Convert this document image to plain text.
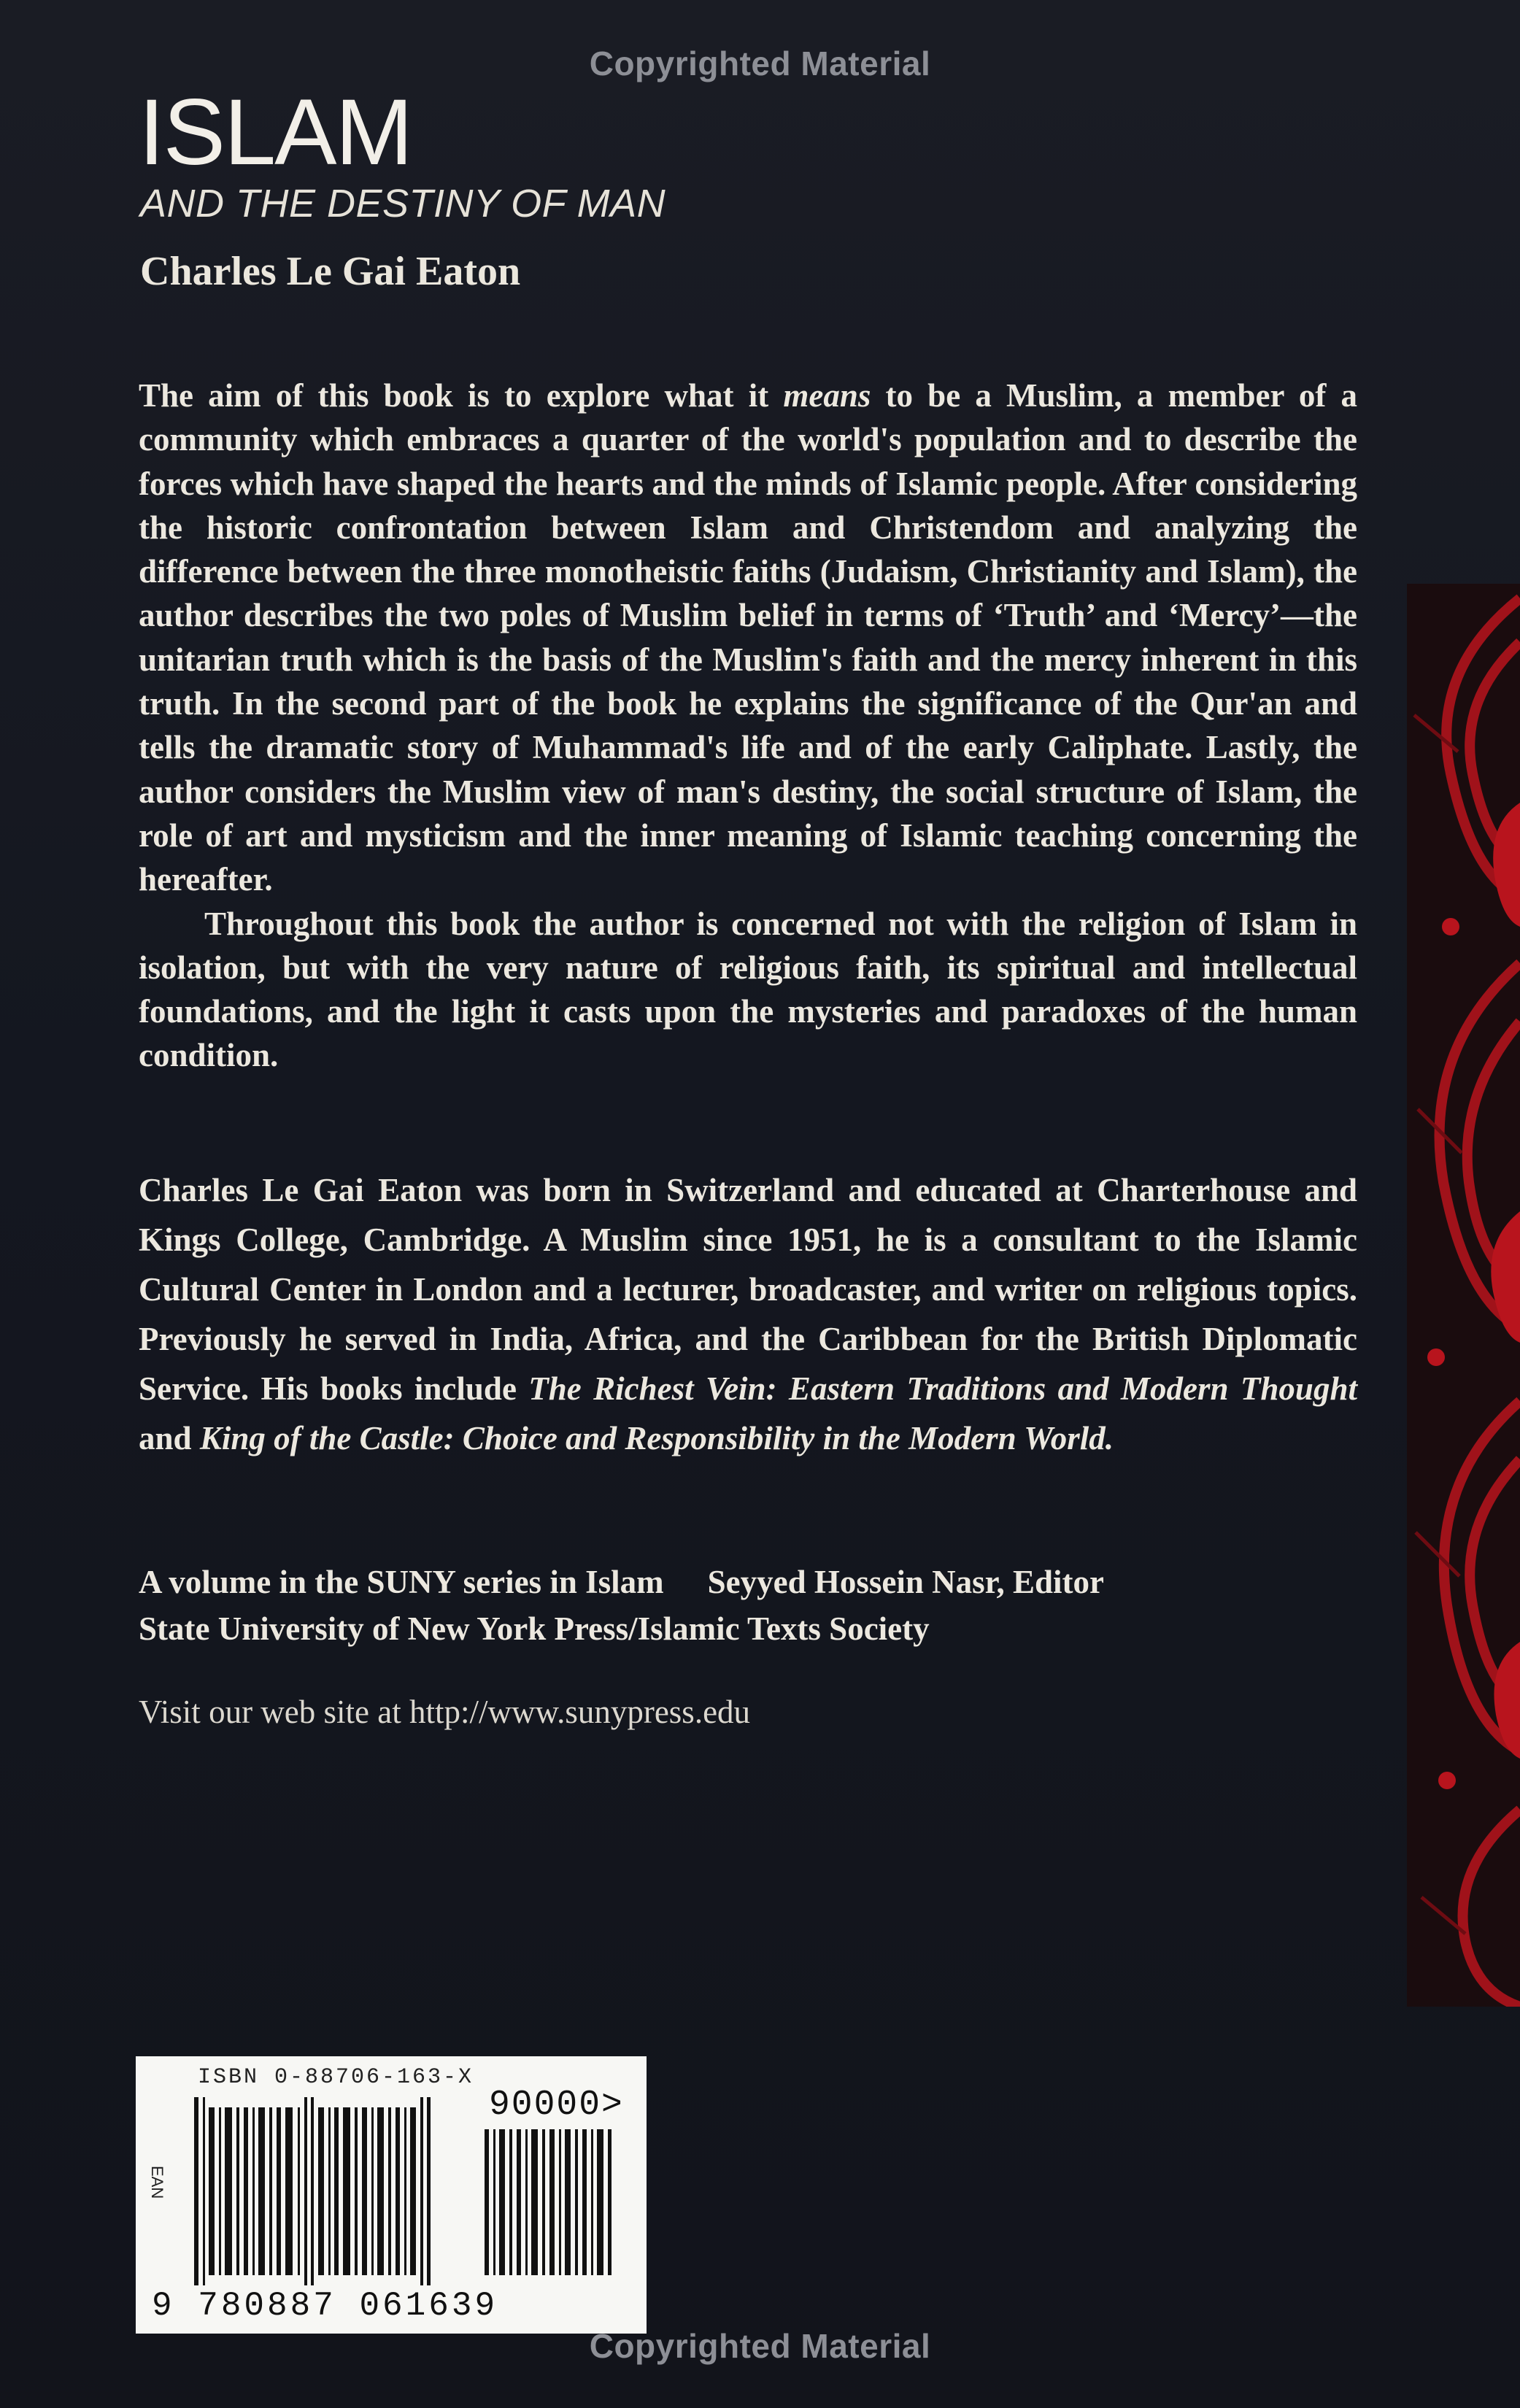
Copyrighted Material
ISLAM
AND THE DESTINY OF MAN
Charles Le Gai Eaton

The aim of this book is to explore what it means to be a Muslim, a member of a community which embraces a quarter of the world's population and to describe the forces which have shaped the hearts and the minds of Islamic people. After considering the historic confrontation between Islam and Christendom and analyzing the difference between the three monotheistic faiths (Judaism, Christianity and Islam), the author describes the two poles of Muslim belief in terms of ‘Truth’ and ‘Mercy’—the unitarian truth which is the basis of the Muslim's faith and the mercy inherent in this truth. In the second part of the book he explains the significance of the Qur'an and tells the dramatic story of Muhammad's life and of the early Caliphate. Lastly, the author considers the Muslim view of man's destiny, the social structure of Islam, the role of art and mysticism and the inner meaning of Islamic teaching concerning the hereafter.

Throughout this book the author is concerned not with the religion of Islam in isolation, but with the very nature of religious faith, its spiritual and intellectual foundations, and the light it casts upon the mysteries and paradoxes of the human condition.

Charles Le Gai Eaton was born in Switzerland and educated at Charterhouse and Kings College, Cambridge. A Muslim since 1951, he is a consultant to the Islamic Cultural Center in London and a lecturer, broadcaster, and writer on religious topics. Previously he served in India, Africa, and the Caribbean for the British Diplomatic Service. His books include The Richest Vein: Eastern Traditions and Modern Thought and King of the Castle: Choice and Responsibility in the Modern World.

A volume in the SUNY series in Islam Seyyed Hossein Nasr, Editor
State University of New York Press/Islamic Texts Society
Visit our web site at http://www.sunypress.edu
ISBN 0-88706-163-X
90000>
EAN
9 780887 061639
Copyrighted Material
